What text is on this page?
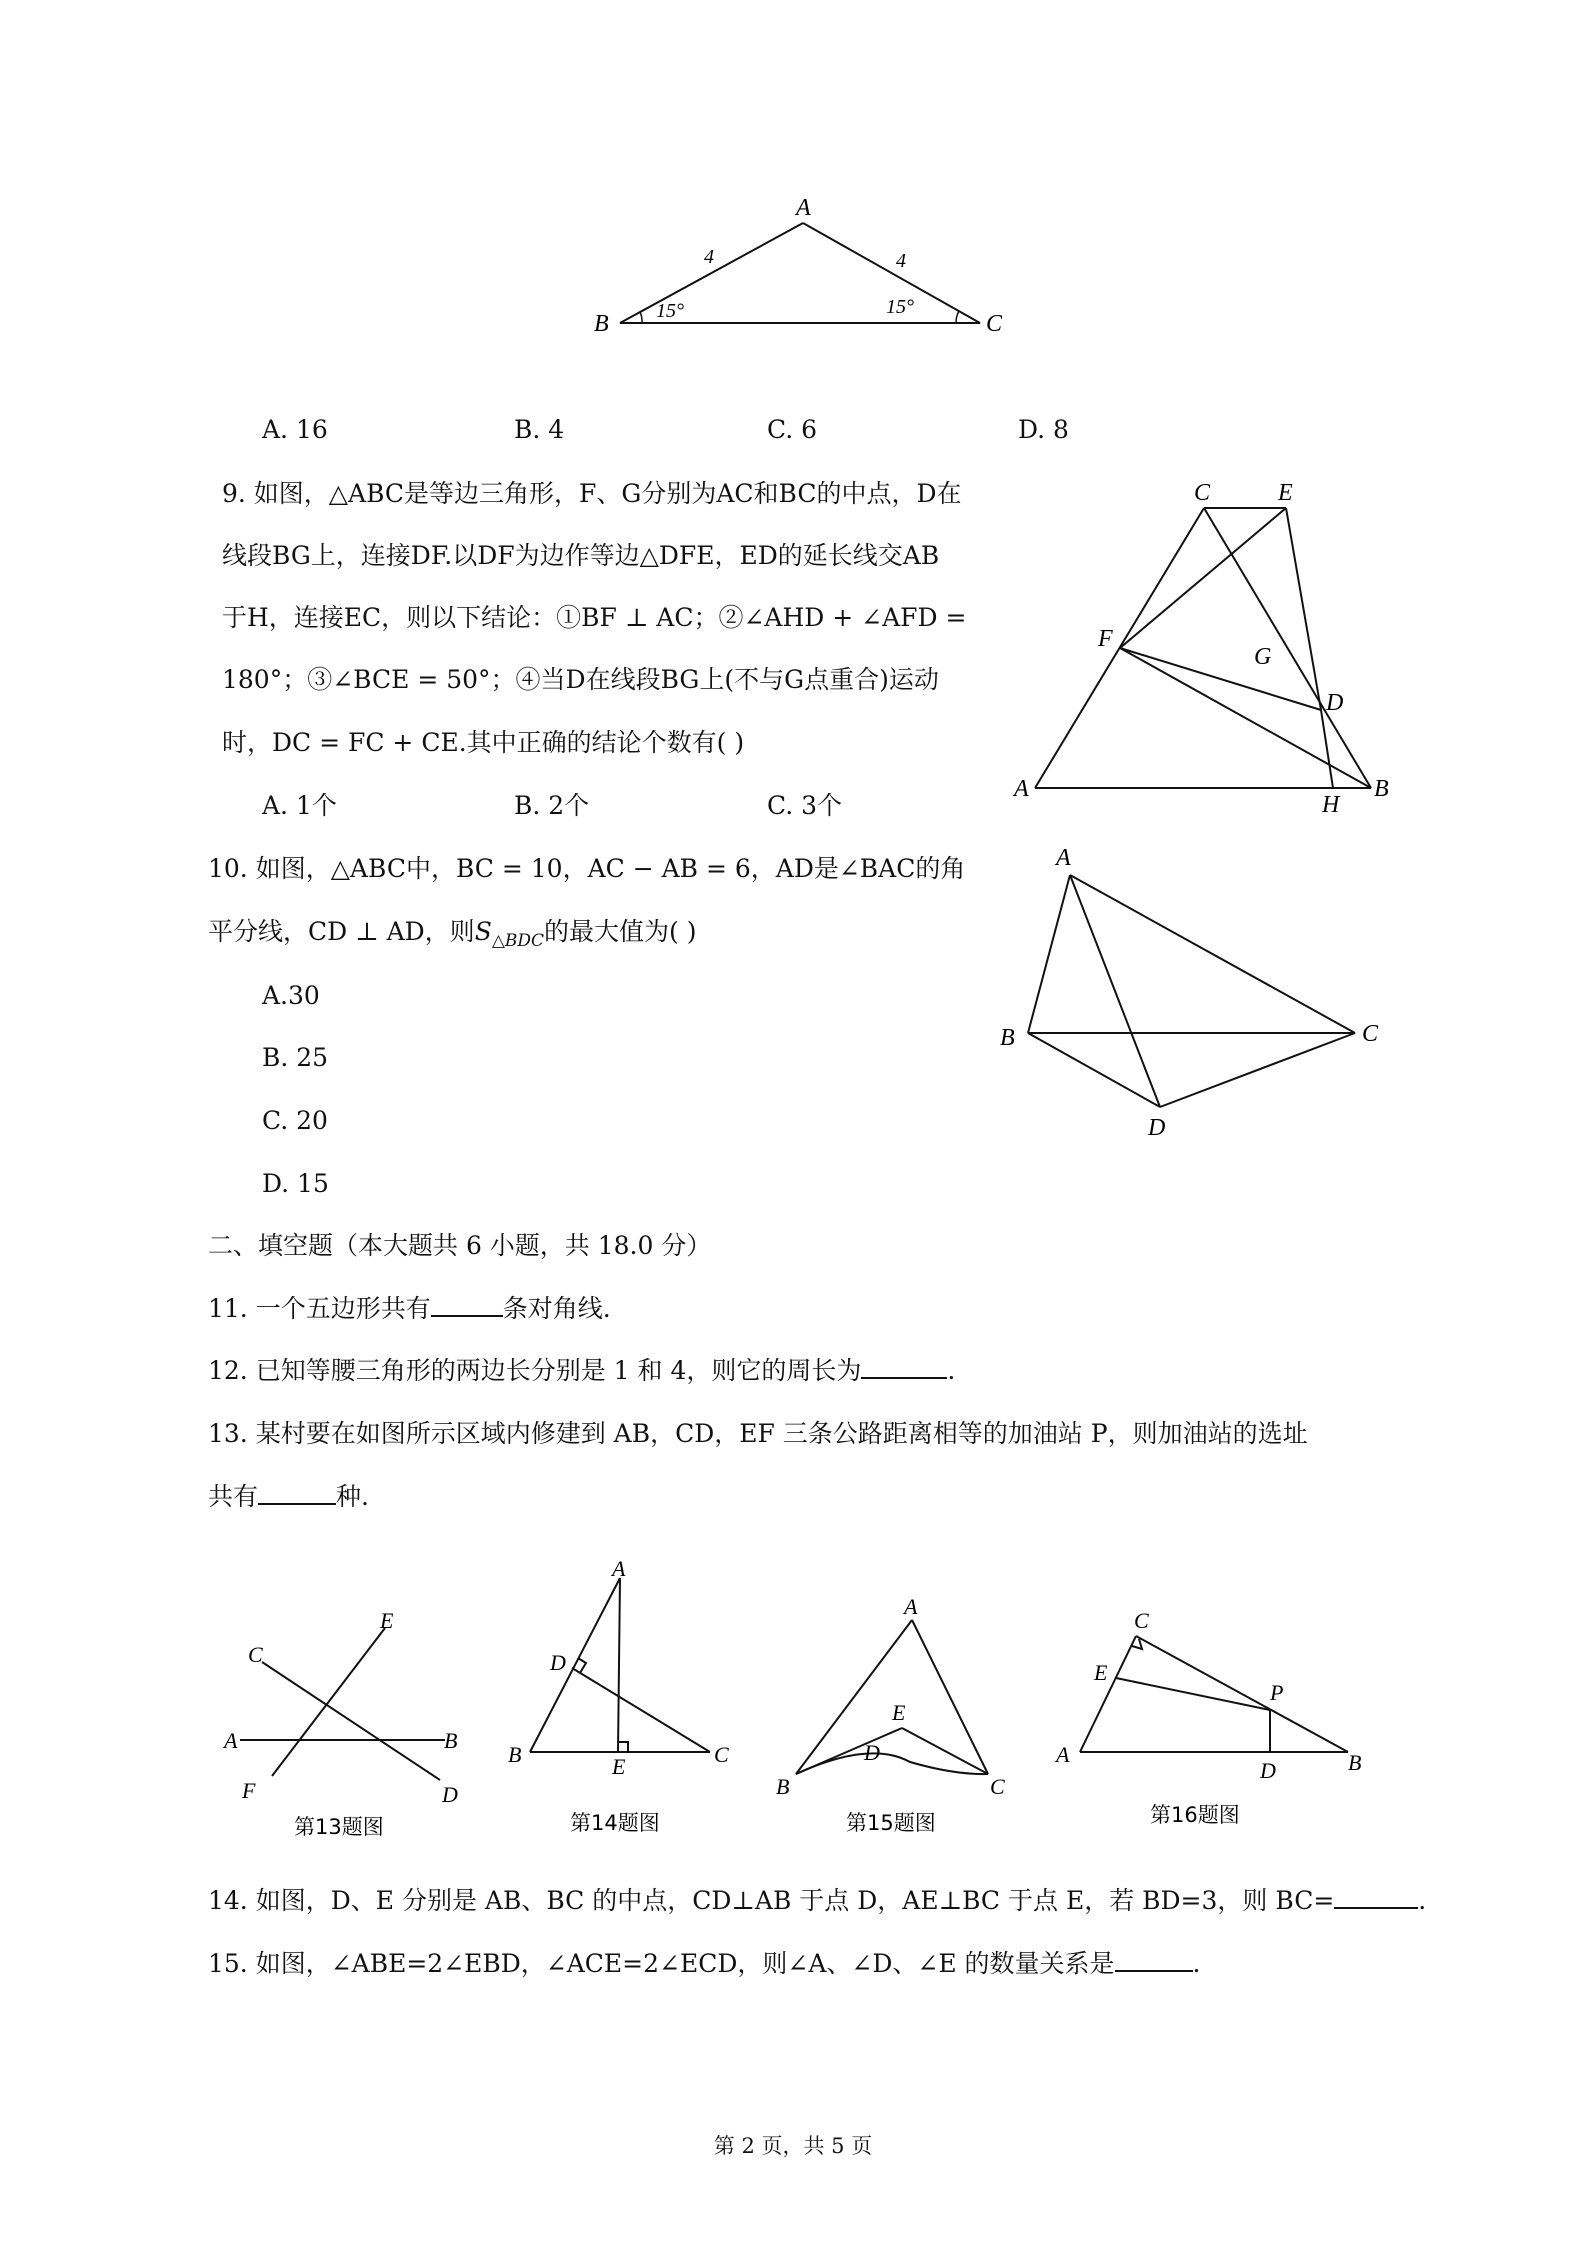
A
B	C
4	4
15°	15°
A. 16	B. 4	C. 6	D. 8
9. 如图，△ABC是等边三角形，F、G分别为AC和BC的中点，D在
线段BG上，连接DF.以DF为边作等边△DFE，ED的延长线交AB
于H，连接EC，则以下结论：①BF ⊥ AC；②∠AHD + ∠AFD =
180°；③∠BCE = 50°；④当D在线段BG上(不与G点重合)运动
时，DC = FC + CE.其中正确的结论个数有( )
A. 1个	B. 2个	C. 3个
C	E
F
G
D
A
H
B
10. 如图，△ABC中，BC = 10，AC − AB = 6，AD是∠BAC的角
平分线，CD ⊥ AD，则$S_{\triangle BDC}$的最大值为( )
A.30
B. 25
C. 20
D. 15
A
B	C
D
二、填空题（本大题共 6 小题，共 18.0 分）
11. 一个五边形共有	条对角线.
12. 已知等腰三角形的两边长分别是 1 和 4，则它的周长为	.
13. 某村要在如图所示区域内修建到 AB，CD，EF 三条公路距离相等的加油站 P，则加油站的选址
共有	种.
A	B
C
D
E
F
第13题图
A
B	C
D
E
第14题图
A
B	C
D
E
第15题图
A	B
C
D
E
P
第16题图
14. 如图，D、E 分别是 AB、BC 的中点，CD⊥AB 于点 D，AE⊥BC 于点 E，若 BD=3，则 BC=	.
15. 如图，∠ABE=2∠EBD，∠ACE=2∠ECD，则∠A、∠D、∠E 的数量关系是	.
第 2 页，共 5 页
